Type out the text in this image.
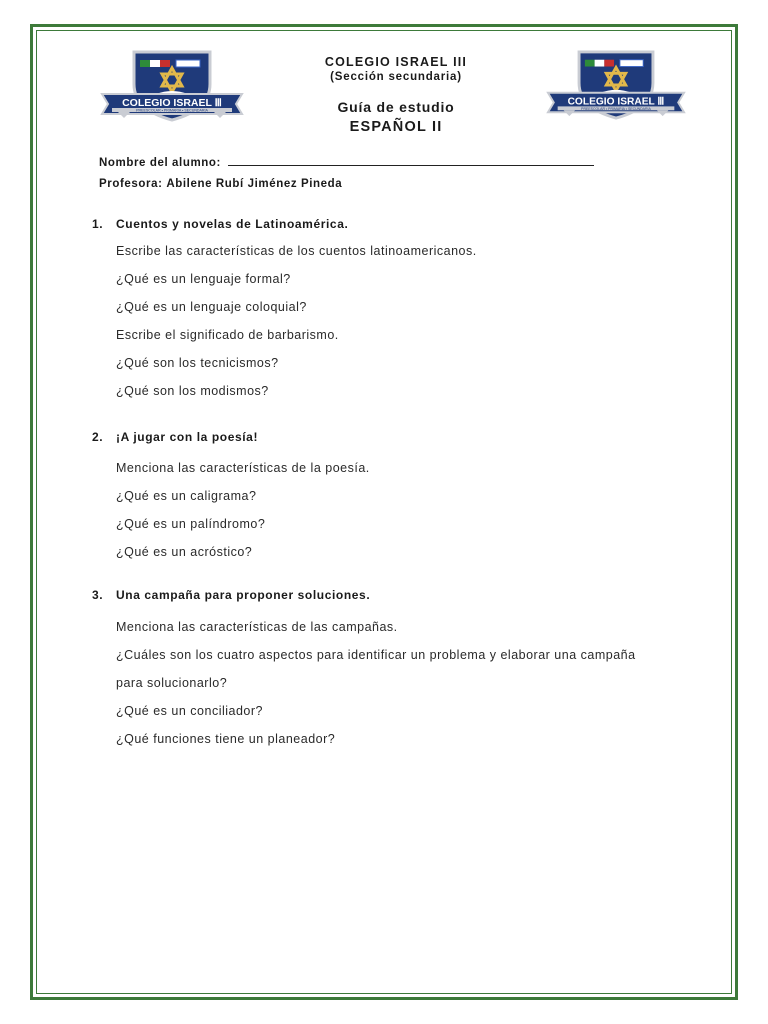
COLEGIO ISRAEL Ⅲ
PREESCOLAR • PRIMARIA • SECUNDARIA
COLEGIO ISRAEL Ⅲ
PREESCOLAR • PRIMARIA • SECUNDARIA
COLEGIO ISRAEL III
(Sección secundaria)
Guía de estudio
ESPAÑOL II
Nombre del alumno:
Profesora: Abilene Rubí Jiménez Pineda
1. Cuentos y novelas de Latinoamérica.
Escribe las características de los cuentos latinoamericanos.
¿Qué es un lenguaje formal?
¿Qué es un lenguaje coloquial?
Escribe el significado de barbarismo.
¿Qué son los tecnicismos?
¿Qué son los modismos?
2. ¡A jugar con la poesía!
Menciona las características de la poesía.
¿Qué es un caligrama?
¿Qué es un palíndromo?
¿Qué es un acróstico?
3. Una campaña para proponer soluciones.
Menciona las características de las campañas.
¿Cuáles son los cuatro aspectos para identificar un problema y elaborar una campaña
para solucionarlo?
¿Qué es un conciliador?
¿Qué funciones tiene un planeador?
